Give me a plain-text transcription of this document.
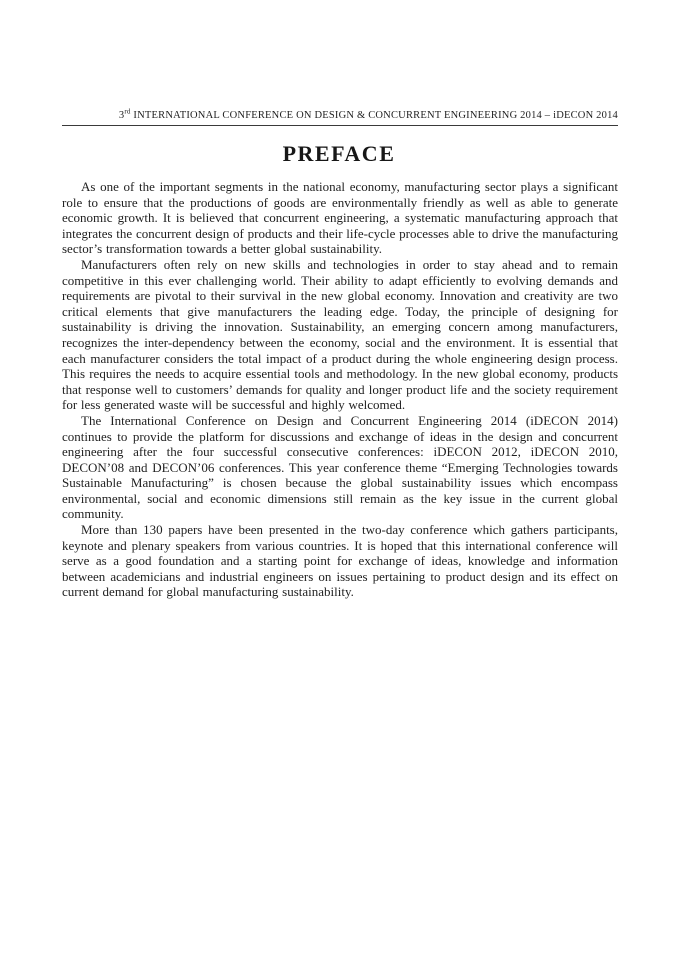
3rd INTERNATIONAL CONFERENCE ON DESIGN & CONCURRENT ENGINEERING 2014 – iDECON 2014
PREFACE

As one of the important segments in the national economy, manufacturing sector plays a significant role to ensure that the productions of goods are environmentally friendly as well as able to generate economic growth. It is believed that concurrent engineering, a systematic manufacturing approach that integrates the concurrent design of products and their life-cycle processes able to drive the manufacturing sector’s transformation towards a better global sustainability.

Manufacturers often rely on new skills and technologies in order to stay ahead and to remain competitive in this ever challenging world. Their ability to adapt efficiently to evolving demands and requirements are pivotal to their survival in the new global economy. Innovation and creativity are two critical elements that give manufacturers the leading edge. Today, the principle of designing for sustainability is driving the innovation. Sustainability, an emerging concern among manufacturers, recognizes the inter-dependency between the economy, social and the environment. It is essential that each manufacturer considers the total impact of a product during the whole engineering design process. This requires the needs to acquire essential tools and methodology. In the new global economy, products that response well to customers’ demands for quality and longer product life and the society requirement for less generated waste will be successful and highly welcomed.

The International Conference on Design and Concurrent Engineering 2014 (iDECON 2014) continues to provide the platform for discussions and exchange of ideas in the design and concurrent engineering after the four successful consecutive conferences: iDECON 2012, iDECON 2010, DECON’08 and DECON’06 conferences. This year conference theme “Emerging Technologies towards Sustainable Manufacturing” is chosen because the global sustainability issues which encompass environmental, social and economic dimensions still remain as the key issue in the current global community.

More than 130 papers have been presented in the two-day conference which gathers participants, keynote and plenary speakers from various countries. It is hoped that this international conference will serve as a good foundation and a starting point for exchange of ideas, knowledge and information between academicians and industrial engineers on issues pertaining to product design and its effect on current demand for global manufacturing sustainability.
